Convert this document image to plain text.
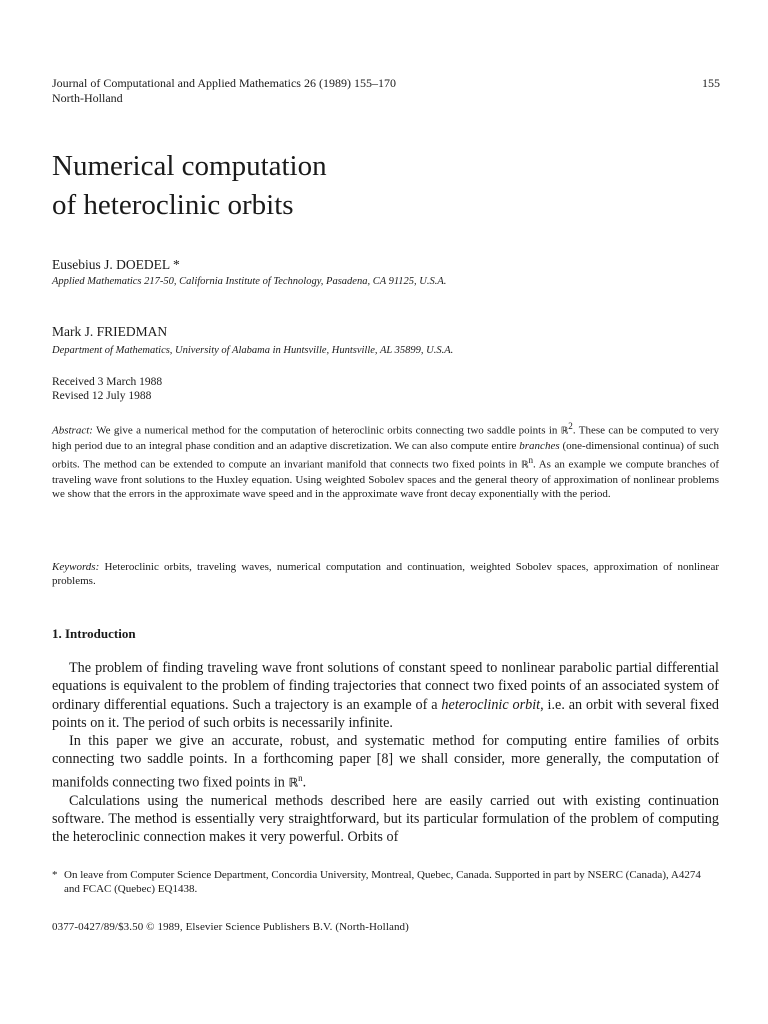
Journal of Computational and Applied Mathematics 26 (1989) 155–170
North-Holland
155
Numerical computation
of heteroclinic orbits
Eusebius J. DOEDEL *
Applied Mathematics 217-50, California Institute of Technology, Pasadena, CA 91125, U.S.A.
Mark J. FRIEDMAN
Department of Mathematics, University of Alabama in Huntsville, Huntsville, AL 35899, U.S.A.
Received 3 March 1988
Revised 12 July 1988
Abstract: We give a numerical method for the computation of heteroclinic orbits connecting two saddle points in ℝ$^2$. These can be computed to very high period due to an integral phase condition and an adaptive discretization. We can also compute entire branches (one-dimensional continua) of such orbits. The method can be extended to compute an invariant manifold that connects two fixed points in ℝ$^n$. As an example we compute branches of traveling wave front solutions to the Huxley equation. Using weighted Sobolev spaces and the general theory of approximation of nonlinear problems we show that the errors in the approximate wave speed and in the approximate wave front decay exponentially with the period.
Keywords: Heteroclinic orbits, traveling waves, numerical computation and continuation, weighted Sobolev spaces, approximation of nonlinear problems.
1. Introduction

The problem of finding traveling wave front solutions of constant speed to nonlinear parabolic partial differential equations is equivalent to the problem of finding trajectories that connect two fixed points of an associated system of ordinary differential equations. Such a trajectory is an example of a heteroclinic orbit, i.e. an orbit with several fixed points on it. The period of such orbits is necessarily infinite.

In this paper we give an accurate, robust, and systematic method for computing entire families of orbits connecting two saddle points. In a forthcoming paper [8] we shall consider, more generally, the computation of manifolds connecting two fixed points in ℝ$^n$.

Calculations using the numerical methods described here are easily carried out with existing continuation software. The method is essentially very straightforward, but its particular formulation of the problem of computing the heteroclinic connection makes it very powerful. Orbits of

* On leave from Computer Science Department, Concordia University, Montreal, Quebec, Canada. Supported in part by NSERC (Canada), A4274 and FCAC (Quebec) EQ1438.
0377-0427/89/$3.50 © 1989, Elsevier Science Publishers B.V. (North-Holland)
